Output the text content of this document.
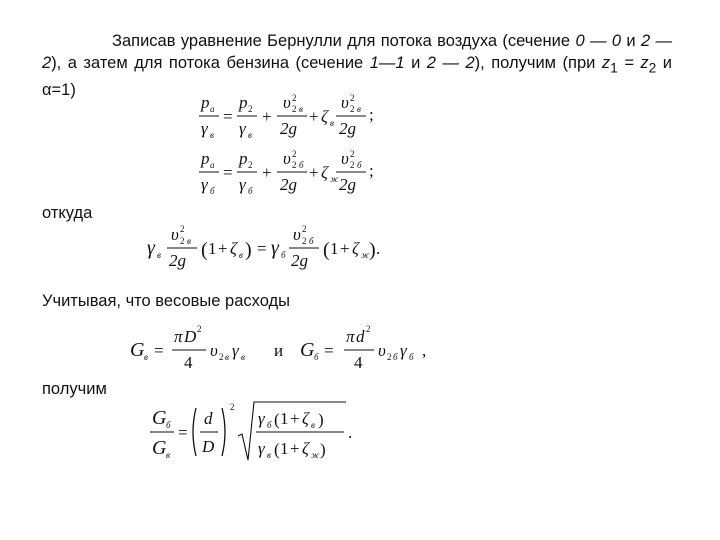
Записав уравнение Бернулли для потока воздуха (сечение 0 — 0 и 2 — 2), а затем для потока бензина (сечение 1—1 и 2 — 2), получим (при $z_1 = z_2$ и α=1)
p a
γ в
=
p 2
γ в
+
υ 2
2 в
2g
+ ζ в
υ 2
2 в
2g
;
p a
γ б
=
p 2
γ б
+
υ 2
2 б
2g
+ ζ ж
υ 2
2 б
2g
;
откуда
γ в
υ 2
2 в
2g ( 1 + ζ в ) = γ б
υ 2
2 б
2g ( 1 + ζ ж ) .
Учитывая, что весовые расходы
G в =
π D 2
4
υ 2 в γ в и G б =
π d 2
4
υ 2 б γ б ,
получим
G б
G в
=
d
D
2
γ б ( 1 + ζ в )
γ в ( 1 + ζ ж )
.
